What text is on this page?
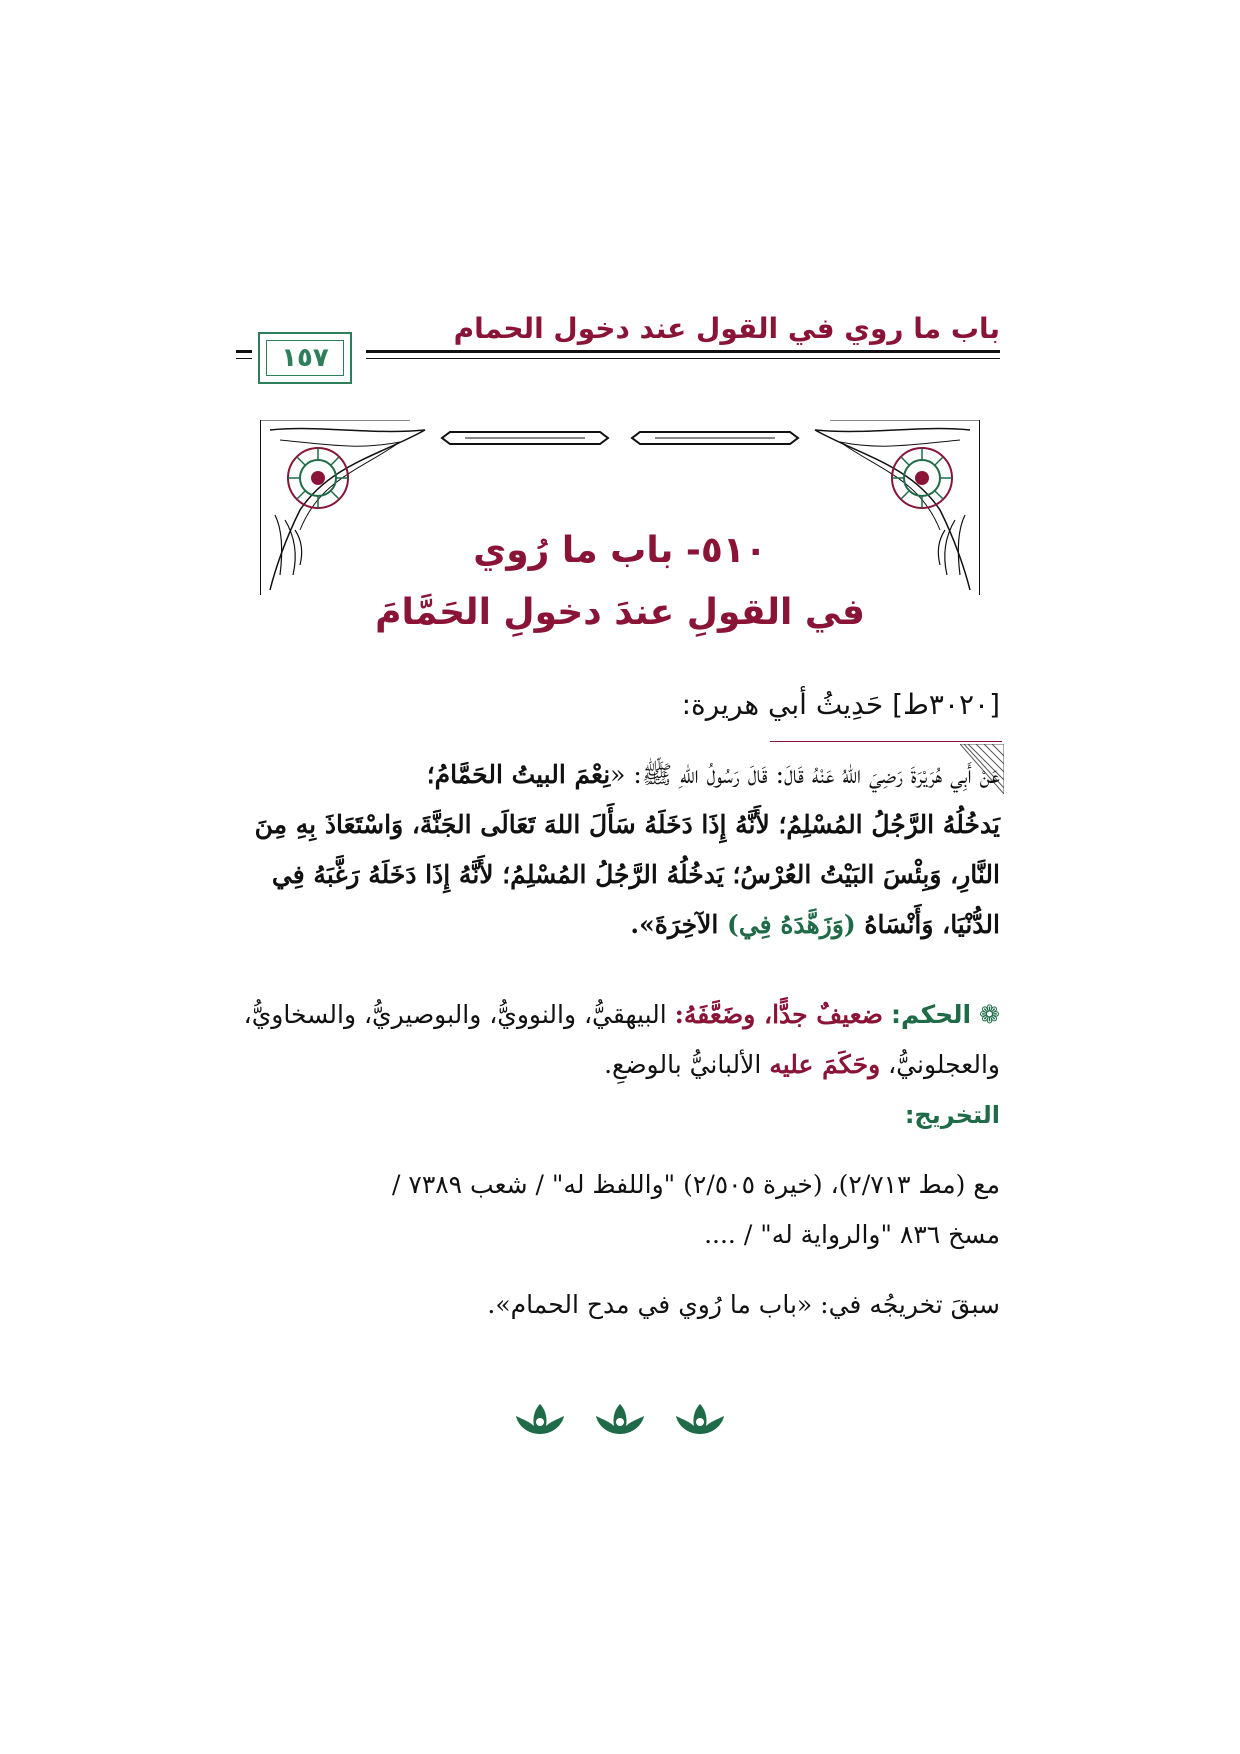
باب ما روي في القول عند دخول الحمام
١٥٧
٥١٠- باب ما رُوي
في القولِ عندَ دخولِ الحَمَّامَ
[٣٠٢٠ط] حَدِيثُ أبي هريرة:
عَنْ أَبِي هُرَيْرَةَ رَضِيَ اللهُ عَنْهُ قَالَ: قَالَ رَسُولُ اللهِ ﷺ: «نِعْمَ البيتُ الحَمَّامُ؛
يَدخُلُهُ الرَّجُلُ المُسْلِمُ؛ لأَنَّهُ إِذَا دَخَلَهُ سَأَلَ اللهَ تَعَالَى الجَنَّةَ، وَاسْتَعَاذَ بِهِ مِنَ
النَّارِ، وَبِئْسَ البَيْتُ العُرْسُ؛ يَدخُلُهُ الرَّجُلُ المُسْلِمُ؛ لأَنَّهُ إِذَا دَخَلَهُ رَغَّبَهُ فِي
الدُّنْيَا، وَأَنْسَاهُ (وَزَهَّدَهُ فِي) الآخِرَةَ».
❁ الحكم: ضعيفٌ جدًّا، وضَعَّفَهُ: البيهقيُّ، والنوويُّ، والبوصيريُّ، والسخاويُّ،
والعجلونيُّ، وحَكَمَ عليه الألبانيُّ بالوضعِ.
التخريج:
مع (مط ٢/٧١٣)، (خيرة ٢/٥٠٥) "واللفظ له" / شعب ٧٣٨٩ /
مسخ ٨٣٦ "والرواية له" / ....
سبقَ تخريجُه في: «باب ما رُوي في مدح الحمام».
